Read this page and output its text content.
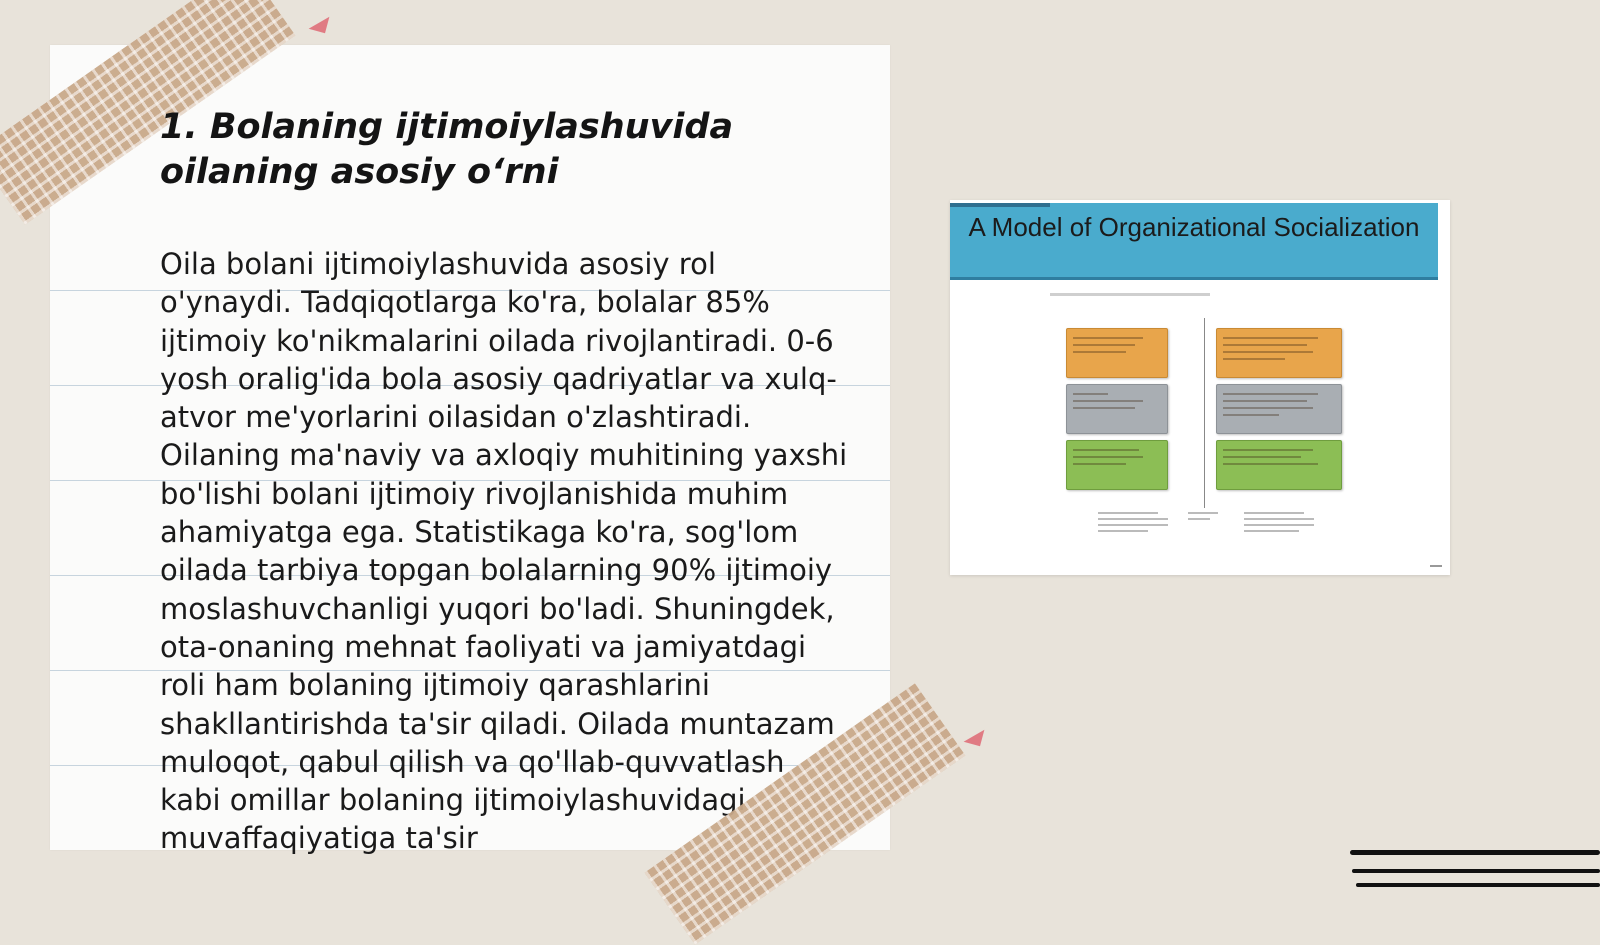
1. Bolaning ijtimoiylashuvida oilaning asosiy o‘rni

Oila bolani ijtimoiylashuvida asosiy rol o'ynaydi. Tadqiqotlarga ko'ra, bolalar 85% ijtimoiy ko'nikmalarini oilada rivojlantiradi. 0-6 yosh oralig'ida bola asosiy qadriyatlar va xulq-atvor me'yorlarini oilasidan o'zlashtiradi. Oilaning ma'naviy va axloqiy muhitining yaxshi bo'lishi bolani ijtimoiy rivojlanishida muhim ahamiyatga ega. Statistikaga ko'ra, sog'lom oilada tarbiya topgan bolalarning 90% ijtimoiy moslashuvchanligi yuqori bo'ladi. Shuningdek, ota-onaning mehnat faoliyati va jamiyatdagi roli ham bolaning ijtimoiy qarashlarini shakllantirishda ta'sir qiladi. Oilada muntazam muloqot, qabul qilish va qo'llab-quvvatlash kabi omillar bolaning ijtimoiylashuvidagi muvaffaqiyatiga ta'sir

A Model of Organizational Socialization
